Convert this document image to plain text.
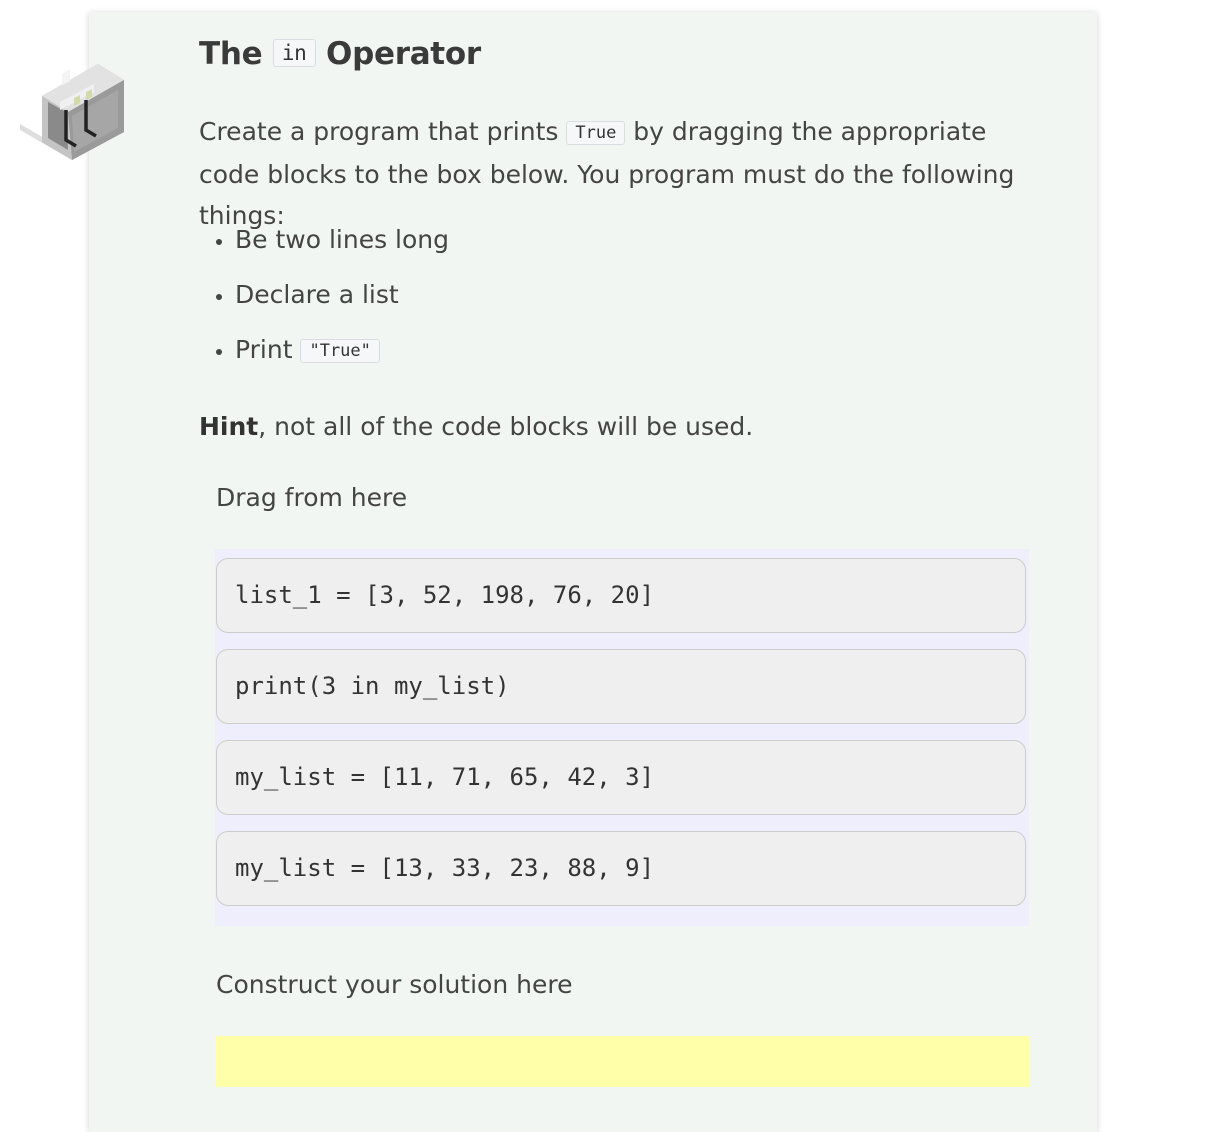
The in Operator

Create a program that prints True by dragging the appropriate code blocks to the box below. You program must do the following things:

• Be two lines long
• Declare a list
• Print "True"

Hint, not all of the code blocks will be used.

Drag from here

list_1 = [3, 52, 198, 76, 20]
print(3 in my_list)
my_list = [11, 71, 65, 42, 3]
my_list = [13, 33, 23, 88, 9]

Construct your solution here
